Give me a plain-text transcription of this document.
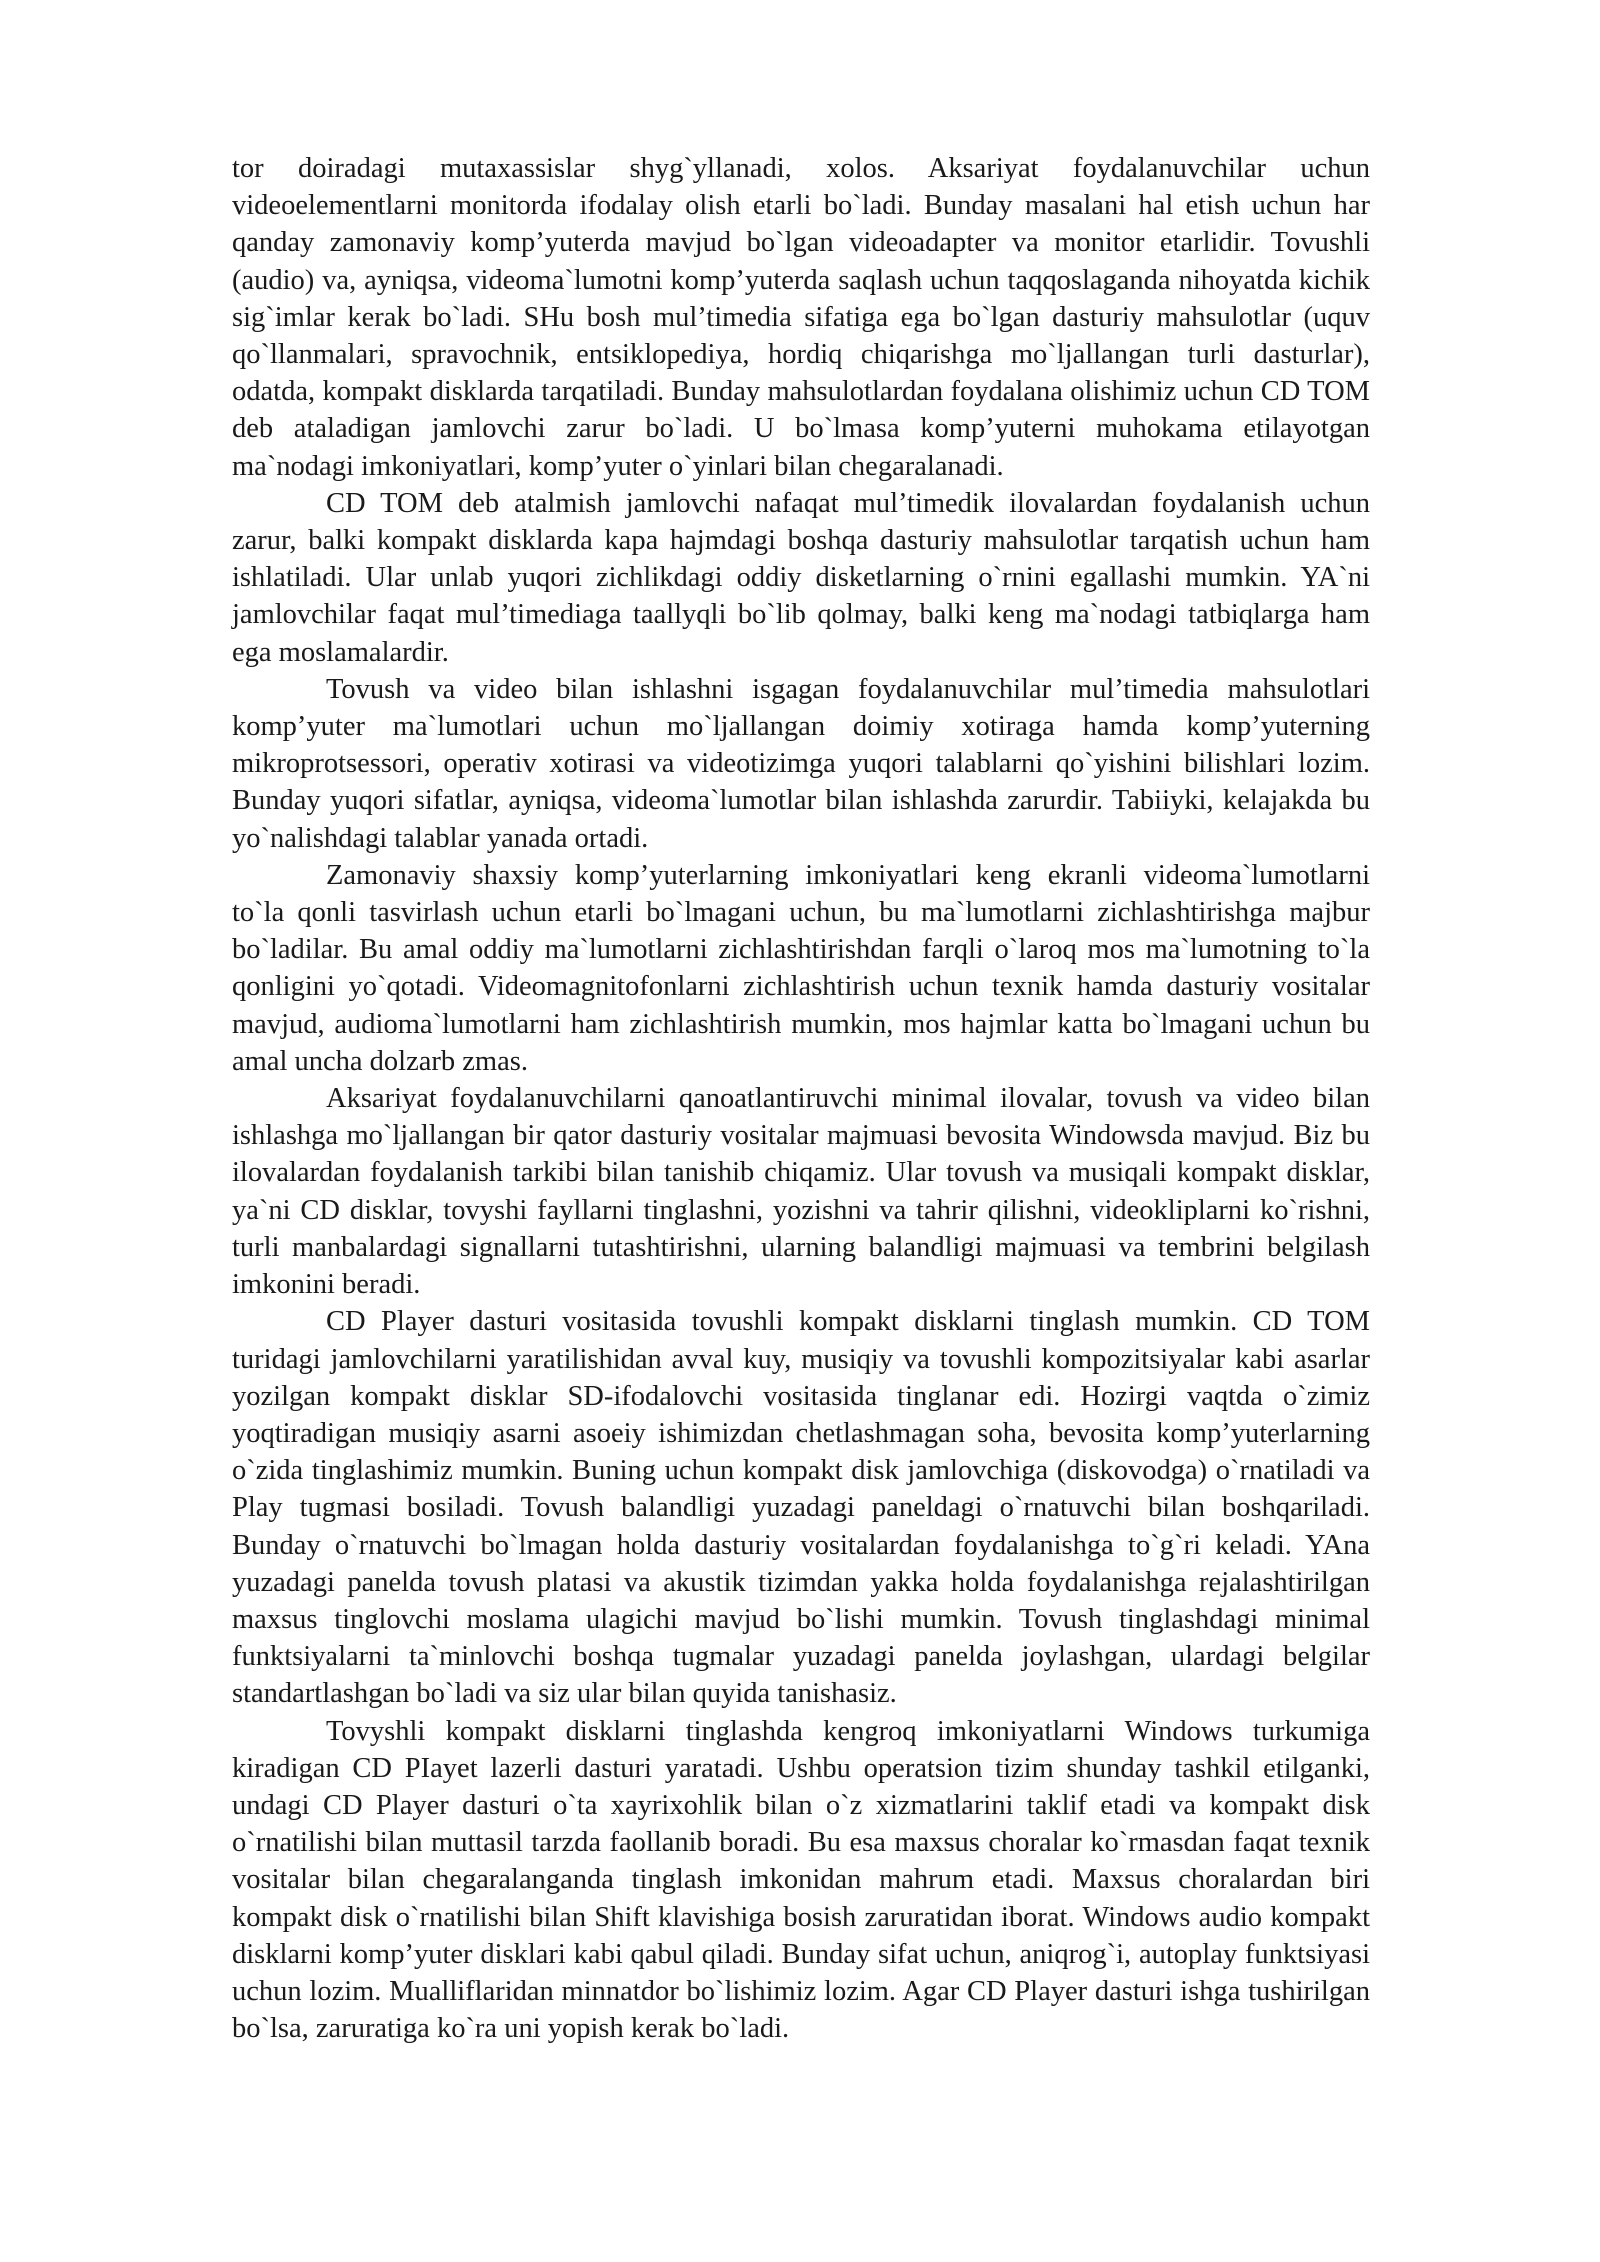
tor doiradagi mutaxassislar shyg`yllanadi, xolos. Aksariyat foydalanuvchilar uchun videoelementlarni monitorda ifodalay olish etarli bo`ladi. Bunday masalani hal etish uchun har qanday zamonaviy komp’yuterda mavjud bo`lgan videoadapter va monitor etarlidir. Tovushli (audio) va, ayniqsa, videoma`lumotni komp’yuterda saqlash uchun taqqoslaganda nihoyatda kichik sig`imlar kerak bo`ladi. SHu bosh mul’timedia sifatiga ega bo`lgan dasturiy mahsulotlar (uquv qo`llanmalari, spravochnik, entsiklopediya, hordiq chiqarishga mo`ljallangan turli dasturlar), odatda, kompakt disklarda tarqatiladi. Bunday mahsulotlardan foydalana olishimiz uchun CD TOM deb ataladigan jamlovchi zarur bo`ladi. U bo`lmasa komp’yuterni muhokama etilayotgan ma`nodagi imkoniyatlari, komp’yuter o`yinlari bilan chegaralanadi.

CD TOM deb atalmish jamlovchi nafaqat mul’timedik ilovalardan foydalanish uchun zarur, balki kompakt disklarda kapa hajmdagi boshqa dasturiy mahsulotlar tarqatish uchun ham ishlatiladi. Ular unlab yuqori zichlikdagi oddiy disketlarning o`rnini egallashi mumkin. YA`ni jamlovchilar faqat mul’timediaga taallyqli bo`lib qolmay, balki keng ma`nodagi tatbiqlarga ham ega moslamalardir.

Tovush va video bilan ishlashni isgagan foydalanuvchilar mul’timedia mahsulotlari komp’yuter ma`lumotlari uchun mo`ljallangan doimiy xotiraga hamda komp’yuterning mikroprotsessori, operativ xotirasi va videotizimga yuqori talablarni qo`yishini bilishlari lozim. Bunday yuqori sifatlar, ayniqsa, videoma`lumotlar bilan ishlashda zarurdir. Tabiiyki, kelajakda bu yo`nalishdagi talablar yanada ortadi.

Zamonaviy shaxsiy komp’yuterlarning imkoniyatlari keng ekranli videoma`lumotlarni to`la qonli tasvirlash uchun etarli bo`lmagani uchun, bu ma`lumotlarni zichlashtirishga majbur bo`ladilar. Bu amal oddiy ma`lumotlarni zichlashtirishdan farqli o`laroq mos ma`lumotning to`la qonligini yo`qotadi. Videomagnitofonlarni zichlashtirish uchun texnik hamda dasturiy vositalar mavjud, audioma`lumotlarni ham zichlashtirish mumkin, mos hajmlar katta bo`lmagani uchun bu amal uncha dolzarb zmas.

Aksariyat foydalanuvchilarni qanoatlantiruvchi minimal ilovalar, tovush va video bilan ishlashga mo`ljallangan bir qator dasturiy vositalar majmuasi bevosita Windowsda mavjud. Biz bu ilovalardan foydalanish tarkibi bilan tanishib chiqamiz. Ular tovush va musiqali kompakt disklar, ya`ni CD disklar, tovyshi fayllarni tinglashni, yozishni va tahrir qilishni, videokliplarni ko`rishni, turli manbalardagi signallarni tutashtirishni, ularning balandligi majmuasi va tembrini belgilash imkonini beradi.

CD Player dasturi vositasida tovushli kompakt disklarni tinglash mumkin. CD TOM turidagi jamlovchilarni yaratilishidan avval kuy, musiqiy va tovushli kompozitsiyalar kabi asarlar yozilgan kompakt disklar SD-ifodalovchi vositasida tinglanar edi. Hozirgi vaqtda o`zimiz yoqtiradigan musiqiy asarni asoeiy ishimizdan chetlashmagan soha, bevosita komp’yuterlarning o`zida tinglashimiz mumkin. Buning uchun kompakt disk jamlovchiga (diskovodga) o`rnatiladi va Play tugmasi bosiladi. Tovush balandligi yuzadagi paneldagi o`rnatuvchi bilan boshqariladi. Bunday o`rnatuvchi bo`lmagan holda dasturiy vositalardan foydalanishga to`g`ri keladi. YAna yuzadagi panelda tovush platasi va akustik tizimdan yakka holda foydalanishga rejalashtirilgan maxsus tinglovchi moslama ulagichi mavjud bo`lishi mumkin. Tovush tinglashdagi minimal funktsiyalarni ta`minlovchi boshqa tugmalar yuzadagi panelda joylashgan, ulardagi belgilar standartlashgan bo`ladi va siz ular bilan quyida tanishasiz.

Tovyshli kompakt disklarni tinglashda kengroq imkoniyatlarni Windows turkumiga kiradigan CD PIayet lazerli dasturi yaratadi. Ushbu operatsion tizim shunday tashkil etilganki, undagi CD Player dasturi o`ta xayrixohlik bilan o`z xizmatlarini taklif etadi va kompakt disk o`rnatilishi bilan muttasil tarzda faollanib boradi. Bu esa maxsus choralar ko`rmasdan faqat texnik vositalar bilan chegaralanganda tinglash imkonidan mahrum etadi. Maxsus choralardan biri kompakt disk o`rnatilishi bilan Shift klavishiga bosish zaruratidan iborat. Windows audio kompakt disklarni komp’yuter disklari kabi qabul qiladi. Bunday sifat uchun, aniqrog`i, autoplay funktsiyasi uchun lozim. Mualliflaridan minnatdor bo`lishimiz lozim. Agar CD Player dasturi ishga tushirilgan bo`lsa, zaruratiga ko`ra uni yopish kerak bo`ladi.
